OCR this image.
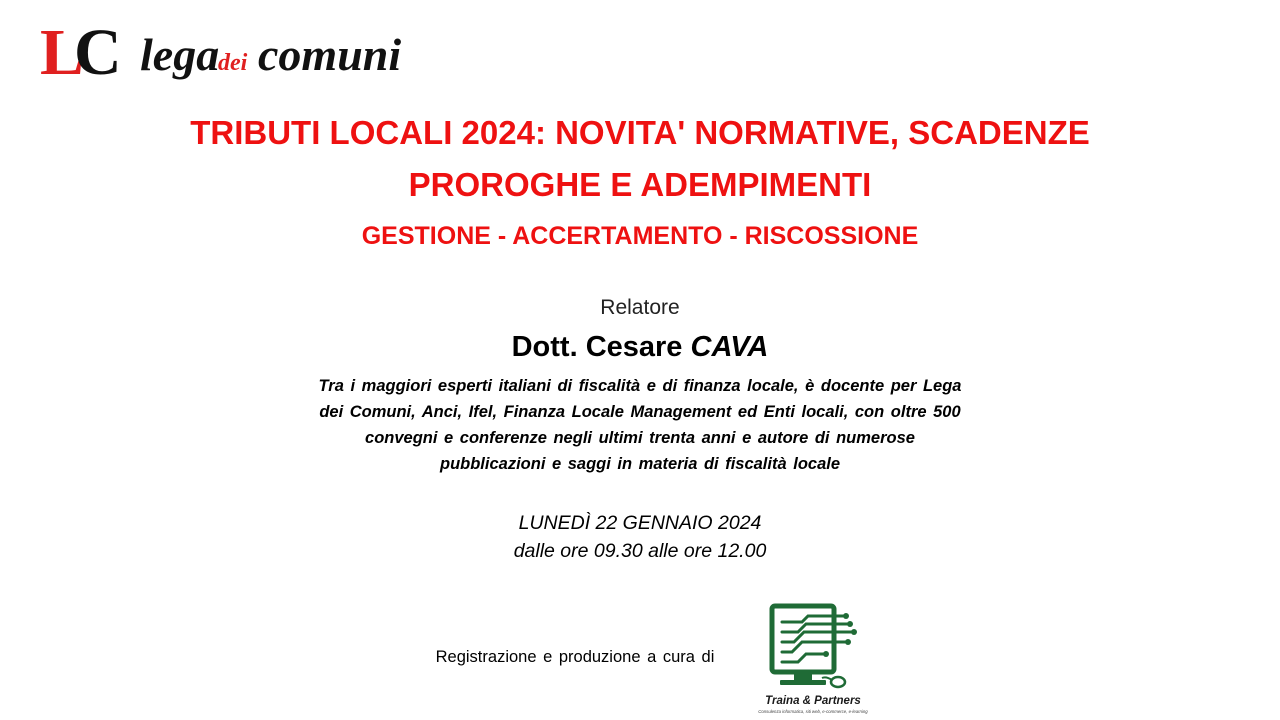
L
C lega
dei comuni
TRIBUTI LOCALI 2024: NOVITA' NORMATIVE, SCADENZE
PROROGHE E ADEMPIMENTI
GESTIONE - ACCERTAMENTO - RISCOSSIONE
Relatore
Dott. Cesare CAVA
Tra i maggiori esperti italiani di fiscalità e di finanza locale, è docente per Lega
dei Comuni, Anci, Ifel, Finanza Locale Management ed Enti locali, con oltre 500
convegni e conferenze negli ultimi trenta anni e autore di numerose
pubblicazioni e saggi in materia di fiscalità locale
LUNEDÌ 22 GENNAIO 2024
dalle ore 09.30 alle ore 12.00
Registrazione e produzione a cura di
Traina & Partners
Consulenza informatica, siti web, e-commerce, e-learning
